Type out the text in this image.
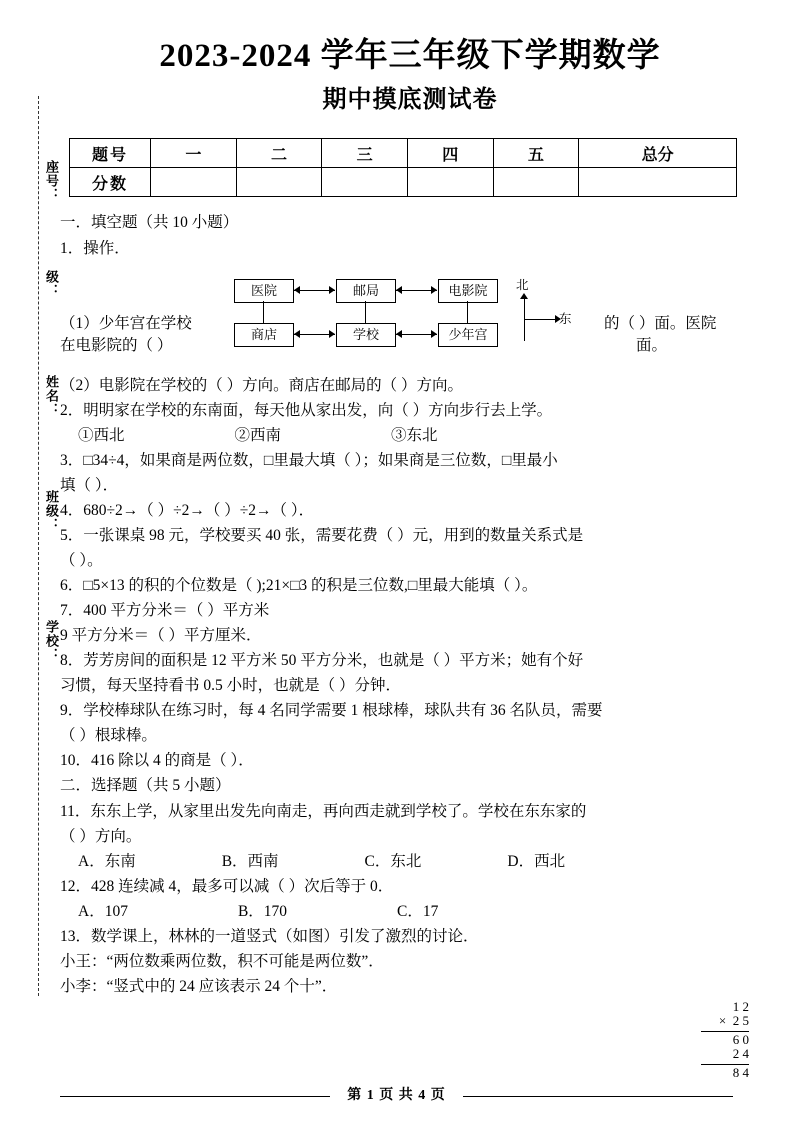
座号：
级：
姓名：
班级：
学校：
2023-2024 学年三年级下学期数学
期中摸底测试卷
题号	一	二	三	四	五	总分
分数						
一．填空题（共 10 小题）
1．操作．
医院	邮局	电影院
商店	学校	少年宫
北
东
（1）少年宫在学校
在电影院的（ ）
的（ ）面。医院
面。
（2）电影院在学校的（ ）方向。商店在邮局的（ ）方向。
2．明明家在学校的东南面，每天他从家出发，向（ ）方向步行去上学。
①西北	②西南	③东北
3．□34÷4，如果商是两位数，□里最大填（ ）；如果商是三位数，□里最小
填（ ）．
4．680÷2→（ ）÷2→（ ）÷2→（ ）．
5．一张课桌 98 元，学校要买 40 张，需要花费（ ）元，用到的数量关系式是
（ ）。
6．□5×13 的积的个位数是（ );21×□3 的积是三位数,□里最大能填（ ）。
7．400 平方分米＝（ ）平方米
9 平方分米＝（ ）平方厘米．
8．芳芳房间的面积是 12 平方米 50 平方分米，也就是（ ）平方米；她有个好
习惯，每天坚持看书 0.5 小时，也就是（ ）分钟．
9．学校棒球队在练习时，每 4 名同学需要 1 根球棒，球队共有 36 名队员，需要
（ ）根球棒。
10．416 除以 4 的商是（ ）．
二．选择题（共 5 小题）
11．东东上学，从家里出发先向南走，再向西走就到学校了。学校在东东家的
（ ）方向。
A．东南	B．西南	C．东北	D．西北
12．428 连续减 4，最多可以减（ ）次后等于 0．
A．107	B．170	C．17
13．数学课上，林林的一道竖式（如图）引发了激烈的讨论．
小王：“两位数乘两位数，积不可能是两位数”．
小李：“竖式中的 24 应该表示 24 个十”．
1 2
×  2 5
6 0
2 4
8 4
第 1 页 共 4 页
